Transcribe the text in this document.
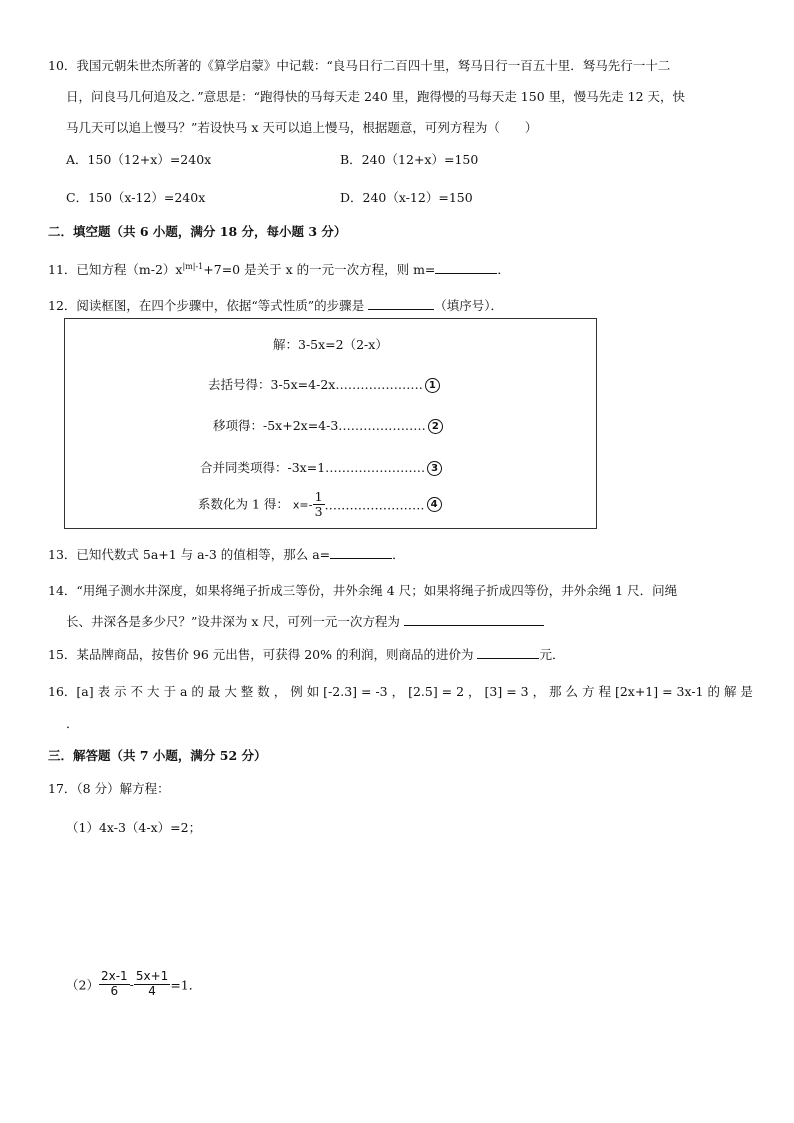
10．我国元朝朱世杰所著的《算学启蒙》中记载：“良马日行二百四十里，驽马日行一百五十里．驽马先行一十二
日，问良马几何追及之．”意思是：“跑得快的马每天走 240 里，跑得慢的马每天走 150 里，慢马先走 12 天，快
马几天可以追上慢马？”若设快马 x 天可以追上慢马，根据题意，可列方程为（　　）
A．150（12+x）=240x	B．240（12+x）=150
C．150（x-12）=240x	D．240（x-12）=150
二．填空题（共 6 小题，满分 18 分，每小题 3 分）
11．已知方程$(m-2)x^{|m|-1}+7=0$ 是关于 x 的一元一次方程，则 m=	．
12．阅读框图，在四个步骤中，依据“等式性质”的步骤是	（填序号）．
解：3-5x=2（2-x）
去括号得：3-5x=4-2x………………… 1
移项得：-5x+2x=4-3………………… 2
合并同类项得：-3x=1…………………… 3
系数化为 1 得： $x=- \frac{1}{3}$ …………………… 4
13．已知代数式 5a+1 与 a-3 的值相等，那么 a=	．
14．“用绳子测水井深度，如果将绳子折成三等份，井外余绳 4 尺；如果将绳子折成四等份，井外余绳 1 尺．问绳
长、井深各是多少尺？”设井深为 x 尺，可列一元一次方程为
15．某品牌商品，按售价 96 元出售，可获得 20% 的利润，则商品的进价为	元．
16．[a] 表 示 不 大 于 a 的 最 大 整 数 ， 例 如 [-2.3] = -3 ， [2.5] = 2 ， [3] = 3 ， 那 么 方 程 [2x+1] = 3x-1 的 解 是
．
三．解答题（共 7 小题，满分 52 分）
17．（8 分）解方程：
（1）4x-3（4-x）=2；
$(2) \frac{2x-1}{6} - \frac{5x+1}{4} =1$．
